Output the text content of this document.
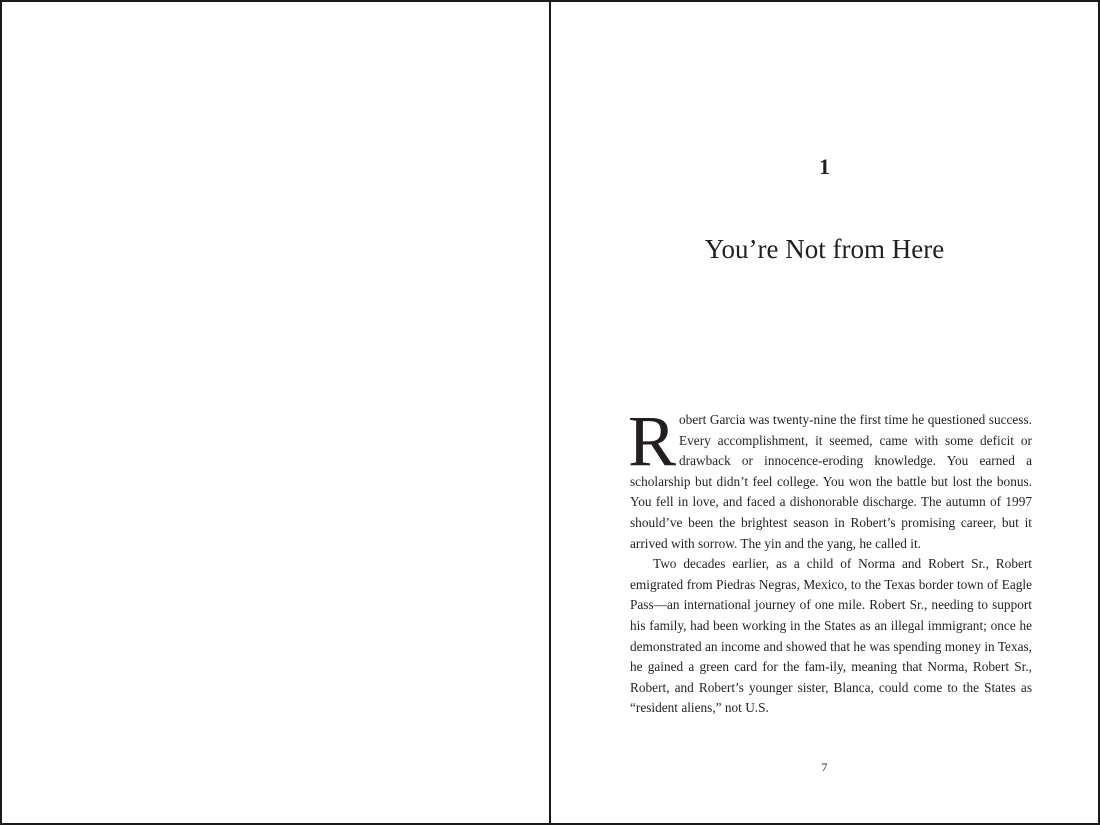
1
You’re Not from Here

Robert Garcia was twenty-nine the first time he questioned success. Every accomplishment, it seemed, came with some deficit or drawback or innocence-eroding knowledge. You earned a scholarship but didn’t feel college. You won the battle but lost the bonus. You fell in love, and faced a dishonorable discharge. The autumn of 1997 should’ve been the brightest season in Robert’s promising career, but it arrived with sorrow. The yin and the yang, he called it.

Two decades earlier, as a child of Norma and Robert Sr., Robert emigrated from Piedras Negras, Mexico, to the Texas border town of Eagle Pass—an international journey of one mile. Robert Sr., needing to support his family, had been working in the States as an illegal immigrant; once he demonstrated an income and showed that he was spending money in Texas, he gained a green card for the fam-ily, meaning that Norma, Robert Sr., Robert, and Robert’s younger sister, Blanca, could come to the States as “resident aliens,” not U.S.

7
